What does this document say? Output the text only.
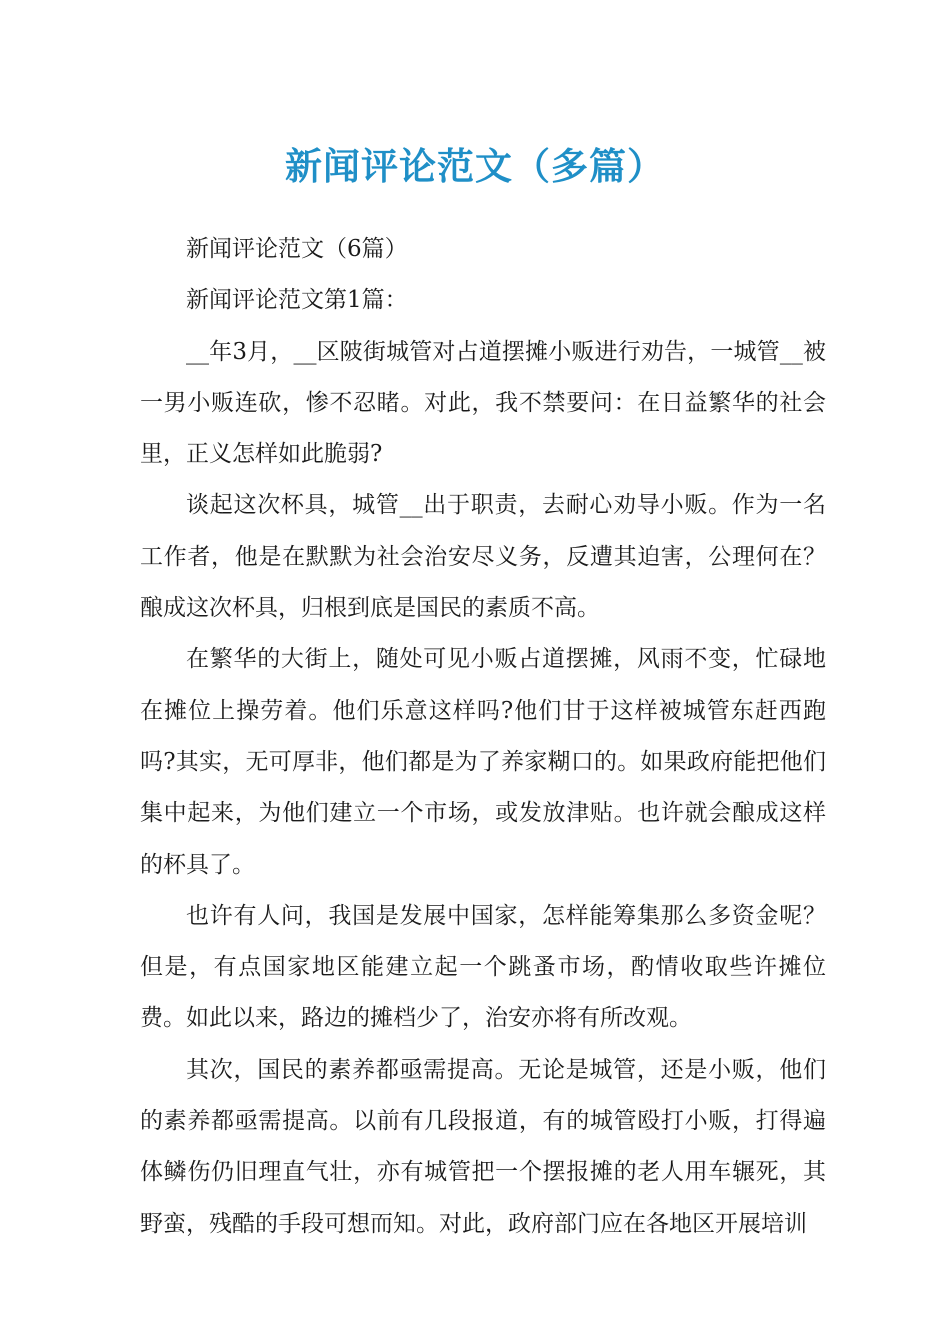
新闻评论范文（多篇）

新闻评论范文（6篇）

新闻评论范文第1篇：

__年3月，__区陂街城管对占道摆摊小贩进行劝告，一城管__被一男小贩连砍，惨不忍睹。对此，我不禁要问：在日益繁华的社会里，正义怎样如此脆弱?

谈起这次杯具，城管__出于职责，去耐心劝导小贩。作为一名工作者，他是在默默为社会治安尽义务，反遭其迫害，公理何在？酿成这次杯具，归根到底是国民的素质不高。

在繁华的大街上，随处可见小贩占道摆摊，风雨不变，忙碌地在摊位上操劳着。他们乐意这样吗?他们甘于这样被城管东赶西跑吗?其实，无可厚非，他们都是为了养家糊口的。如果政府能把他们集中起来，为他们建立一个市场，或发放津贴。也许就会酿成这样的杯具了。

也许有人问，我国是发展中国家，怎样能筹集那么多资金呢？但是，有点国家地区能建立起一个跳蚤市场，酌情收取些许摊位费。如此以来，路边的摊档少了，治安亦将有所改观。

其次，国民的素养都亟需提高。无论是城管，还是小贩，他们的素养都亟需提高。以前有几段报道，有的城管殴打小贩，打得遍体鳞伤仍旧理直气壮，亦有城管把一个摆报摊的老人用车辗死，其野蛮，残酷的手段可想而知。对此，政府部门应在各地区开展培训
